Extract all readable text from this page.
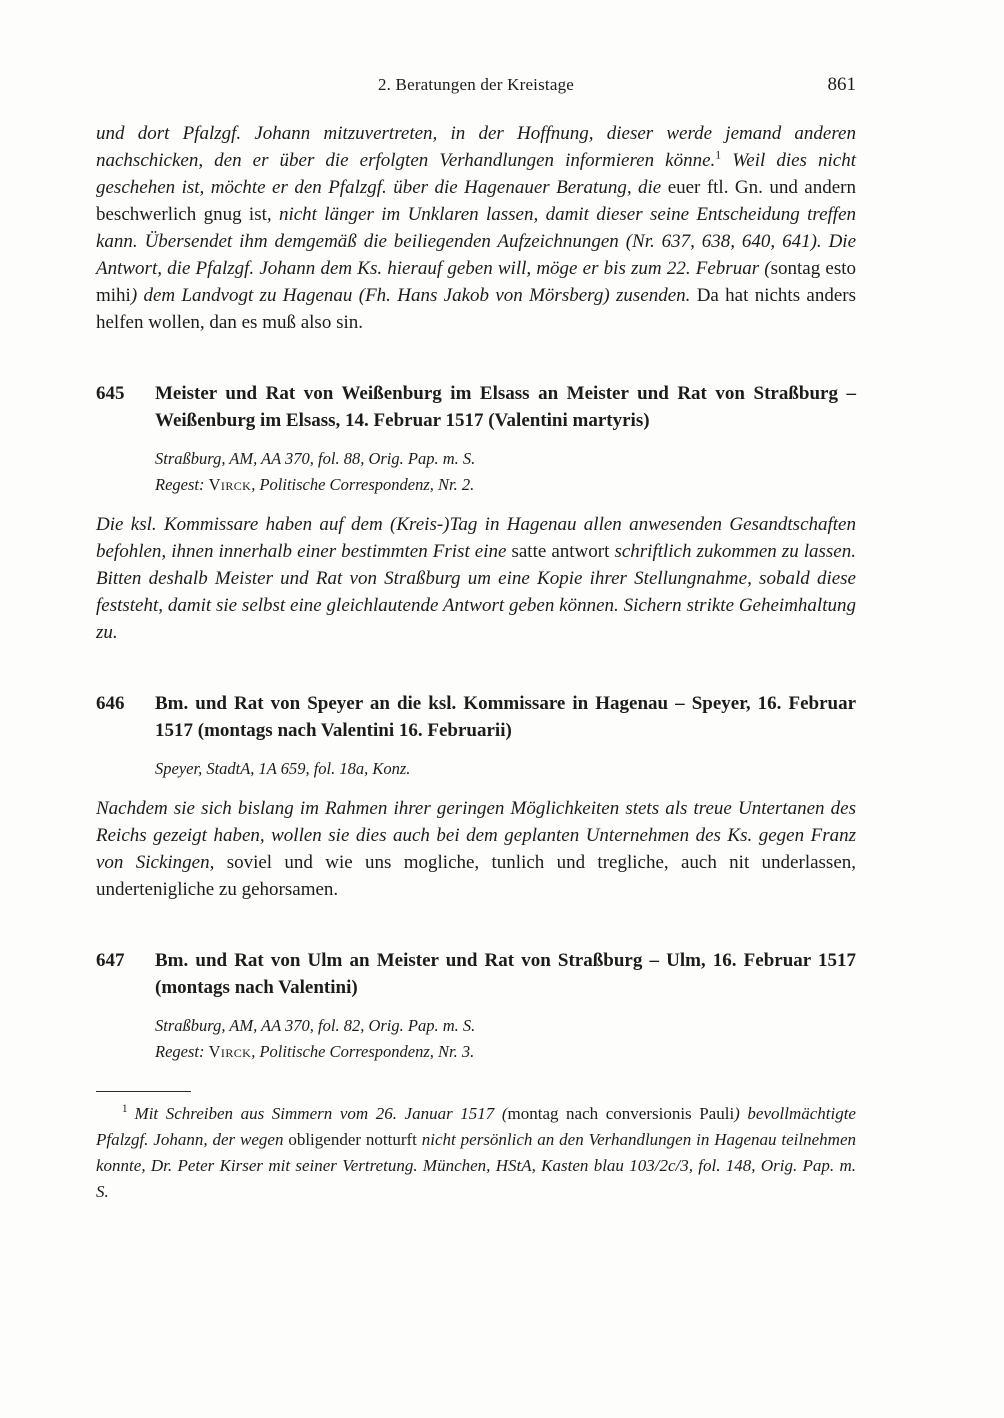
2. Beratungen der Kreistage	861

und dort Pfalzgf. Johann mitzuvertreten, in der Hoffnung, dieser werde jemand anderen nachschicken, den er über die erfolgten Verhandlungen informieren könne.$^1$ Weil dies nicht geschehen ist, möchte er den Pfalzgf. über die Hagenauer Beratung, die euer ftl. Gn. und andern beschwerlich gnug ist, nicht länger im Unklaren lassen, damit dieser seine Entscheidung treffen kann. Übersendet ihm demgemäß die beiliegenden Aufzeichnungen (Nr. 637, 638, 640, 641). Die Antwort, die Pfalzgf. Johann dem Ks. hierauf geben will, möge er bis zum 22. Februar (sontag esto mihi) dem Landvogt zu Hagenau (Fh. Hans Jakob von Mörsberg) zusenden. Da hat nichts anders helfen wollen, dan es muß also sin.

645	Meister und Rat von Weißenburg im Elsass an Meister und Rat von Straßburg – Weißenburg im Elsass, 14. Februar 1517 (Valentini martyris)

Straßburg, AM, AA 370, fol. 88, Orig. Pap. m. S.

Regest: Virck, Politische Correspondenz, Nr. 2.

Die ksl. Kommissare haben auf dem (Kreis-)Tag in Hagenau allen anwesenden Gesandtschaften befohlen, ihnen innerhalb einer bestimmten Frist eine satte antwort schriftlich zukommen zu lassen. Bitten deshalb Meister und Rat von Straßburg um eine Kopie ihrer Stellungnahme, sobald diese feststeht, damit sie selbst eine gleichlautende Antwort geben können. Sichern strikte Geheimhaltung zu.

646	Bm. und Rat von Speyer an die ksl. Kommissare in Hagenau – Speyer, 16. Februar 1517 (montags nach Valentini 16. Februarii)

Speyer, StadtA, 1A 659, fol. 18a, Konz.

Nachdem sie sich bislang im Rahmen ihrer geringen Möglichkeiten stets als treue Untertanen des Reichs gezeigt haben, wollen sie dies auch bei dem geplanten Unternehmen des Ks. gegen Franz von Sickingen, soviel und wie uns mogliche, tunlich und tregliche, auch nit underlassen, undertenigliche zu gehorsamen.

647	Bm. und Rat von Ulm an Meister und Rat von Straßburg – Ulm, 16. Februar 1517 (montags nach Valentini)

Straßburg, AM, AA 370, fol. 82, Orig. Pap. m. S.

Regest: Virck, Politische Correspondenz, Nr. 3.

$^1$ Mit Schreiben aus Simmern vom 26. Januar 1517 (montag nach conversionis Pauli) bevollmächtigte Pfalzgf. Johann, der wegen obligender notturft nicht persönlich an den Verhandlungen in Hagenau teilnehmen konnte, Dr. Peter Kirser mit seiner Vertretung. München, HStA, Kasten blau 103/2c/3, fol. 148, Orig. Pap. m. S.
